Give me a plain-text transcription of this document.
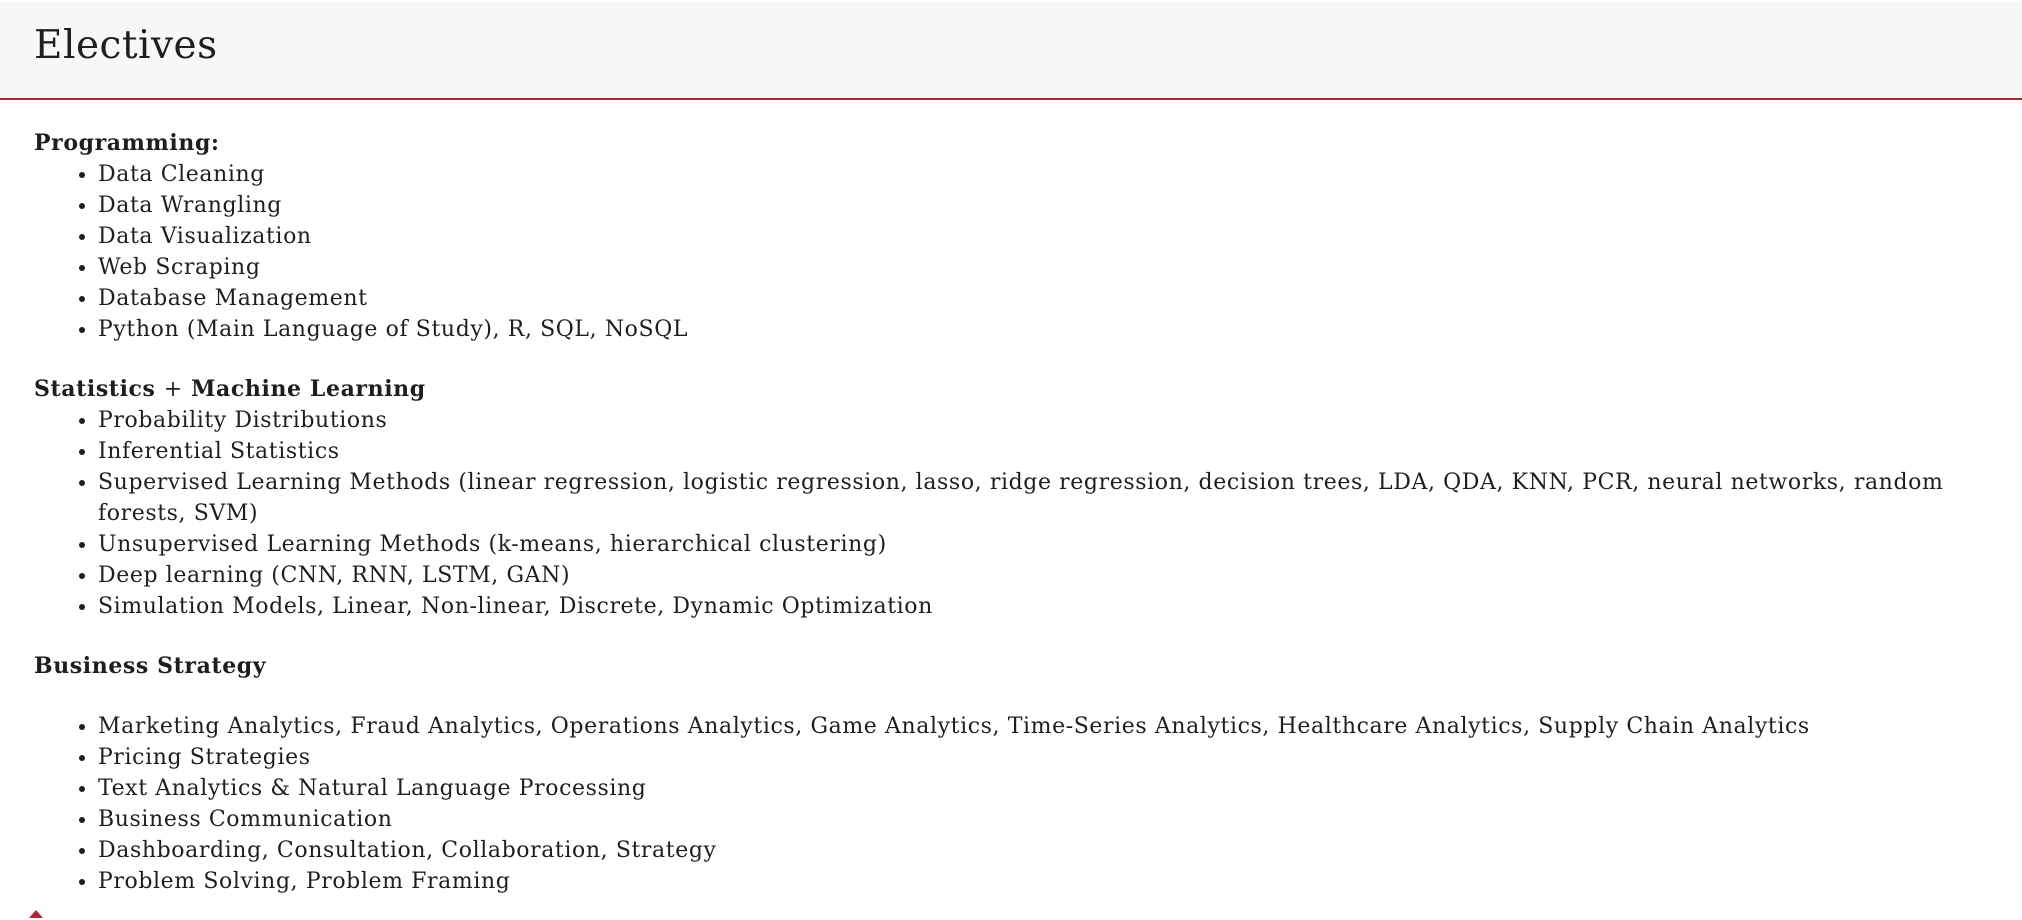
Electives

Programming:

• Data Cleaning
• Data Wrangling
• Data Visualization
• Web Scraping
• Database Management
• Python (Main Language of Study), R, SQL, NoSQL

Statistics + Machine Learning

• Probability Distributions
• Inferential Statistics
• Supervised Learning Methods (linear regression, logistic regression, lasso, ridge regression, decision trees, LDA, QDA, KNN, PCR, neural networks, random forests, SVM)
• Unsupervised Learning Methods (k-means, hierarchical clustering)
• Deep learning (CNN, RNN, LSTM, GAN)
• Simulation Models, Linear, Non-linear, Discrete, Dynamic Optimization

Business Strategy

• Marketing Analytics, Fraud Analytics, Operations Analytics, Game Analytics, Time-Series Analytics, Healthcare Analytics, Supply Chain Analytics
• Pricing Strategies
• Text Analytics & Natural Language Processing
• Business Communication
• Dashboarding, Consultation, Collaboration, Strategy
• Problem Solving, Problem Framing
